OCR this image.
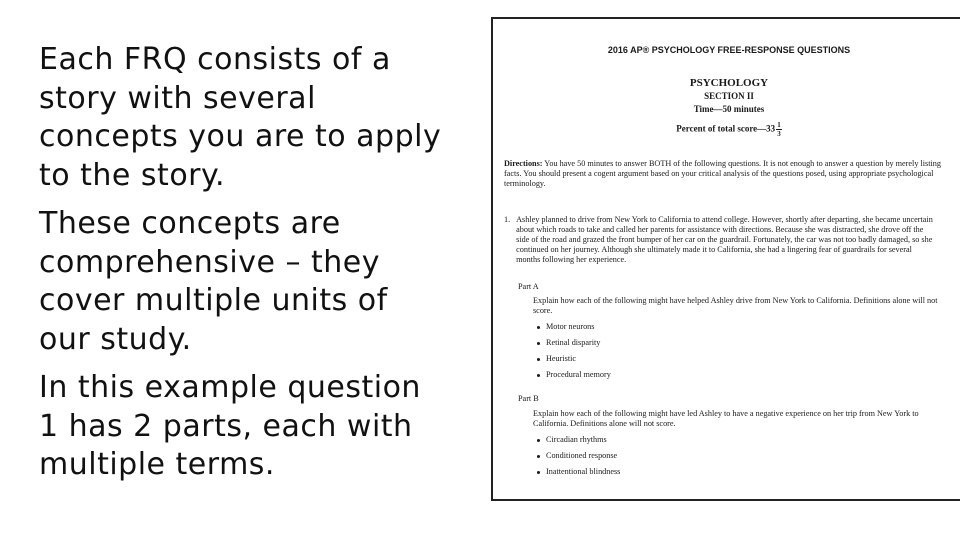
Each FRQ consists of a
story with several
concepts you are to apply
to the story.

These concepts are
comprehensive – they
cover multiple units of
our study.

In this example question
1 has 2 parts, each with
multiple terms.

2016 AP® PSYCHOLOGY FREE-RESPONSE QUESTIONS
PSYCHOLOGY
SECTION II
Time—50 minutes
Percent of total score—33 $\frac{1}{3}$
Directions: You have 50 minutes to answer BOTH of the following questions. It is not enough to answer a question by merely listing facts. You should present a cogent argument based on your critical analysis of the questions posed, using appropriate psychological terminology.
1. Ashley planned to drive from New York to California to attend college. However, shortly after departing, she became uncertain about which roads to take and called her parents for assistance with directions. Because she was distracted, she drove off the side of the road and grazed the front bumper of her car on the guardrail. Fortunately, the car was not too badly damaged, so she continued on her journey. Although she ultimately made it to California, she had a lingering fear of guardrails for several months following her experience.
Part A
Explain how each of the following might have helped Ashley drive from New York to California. Definitions alone will not score.
Motor neurons
Retinal disparity
Heuristic
Procedural memory
Part B
Explain how each of the following might have led Ashley to have a negative experience on her trip from New York to California. Definitions alone will not score.
Circadian rhythms
Conditioned response
Inattentional blindness
